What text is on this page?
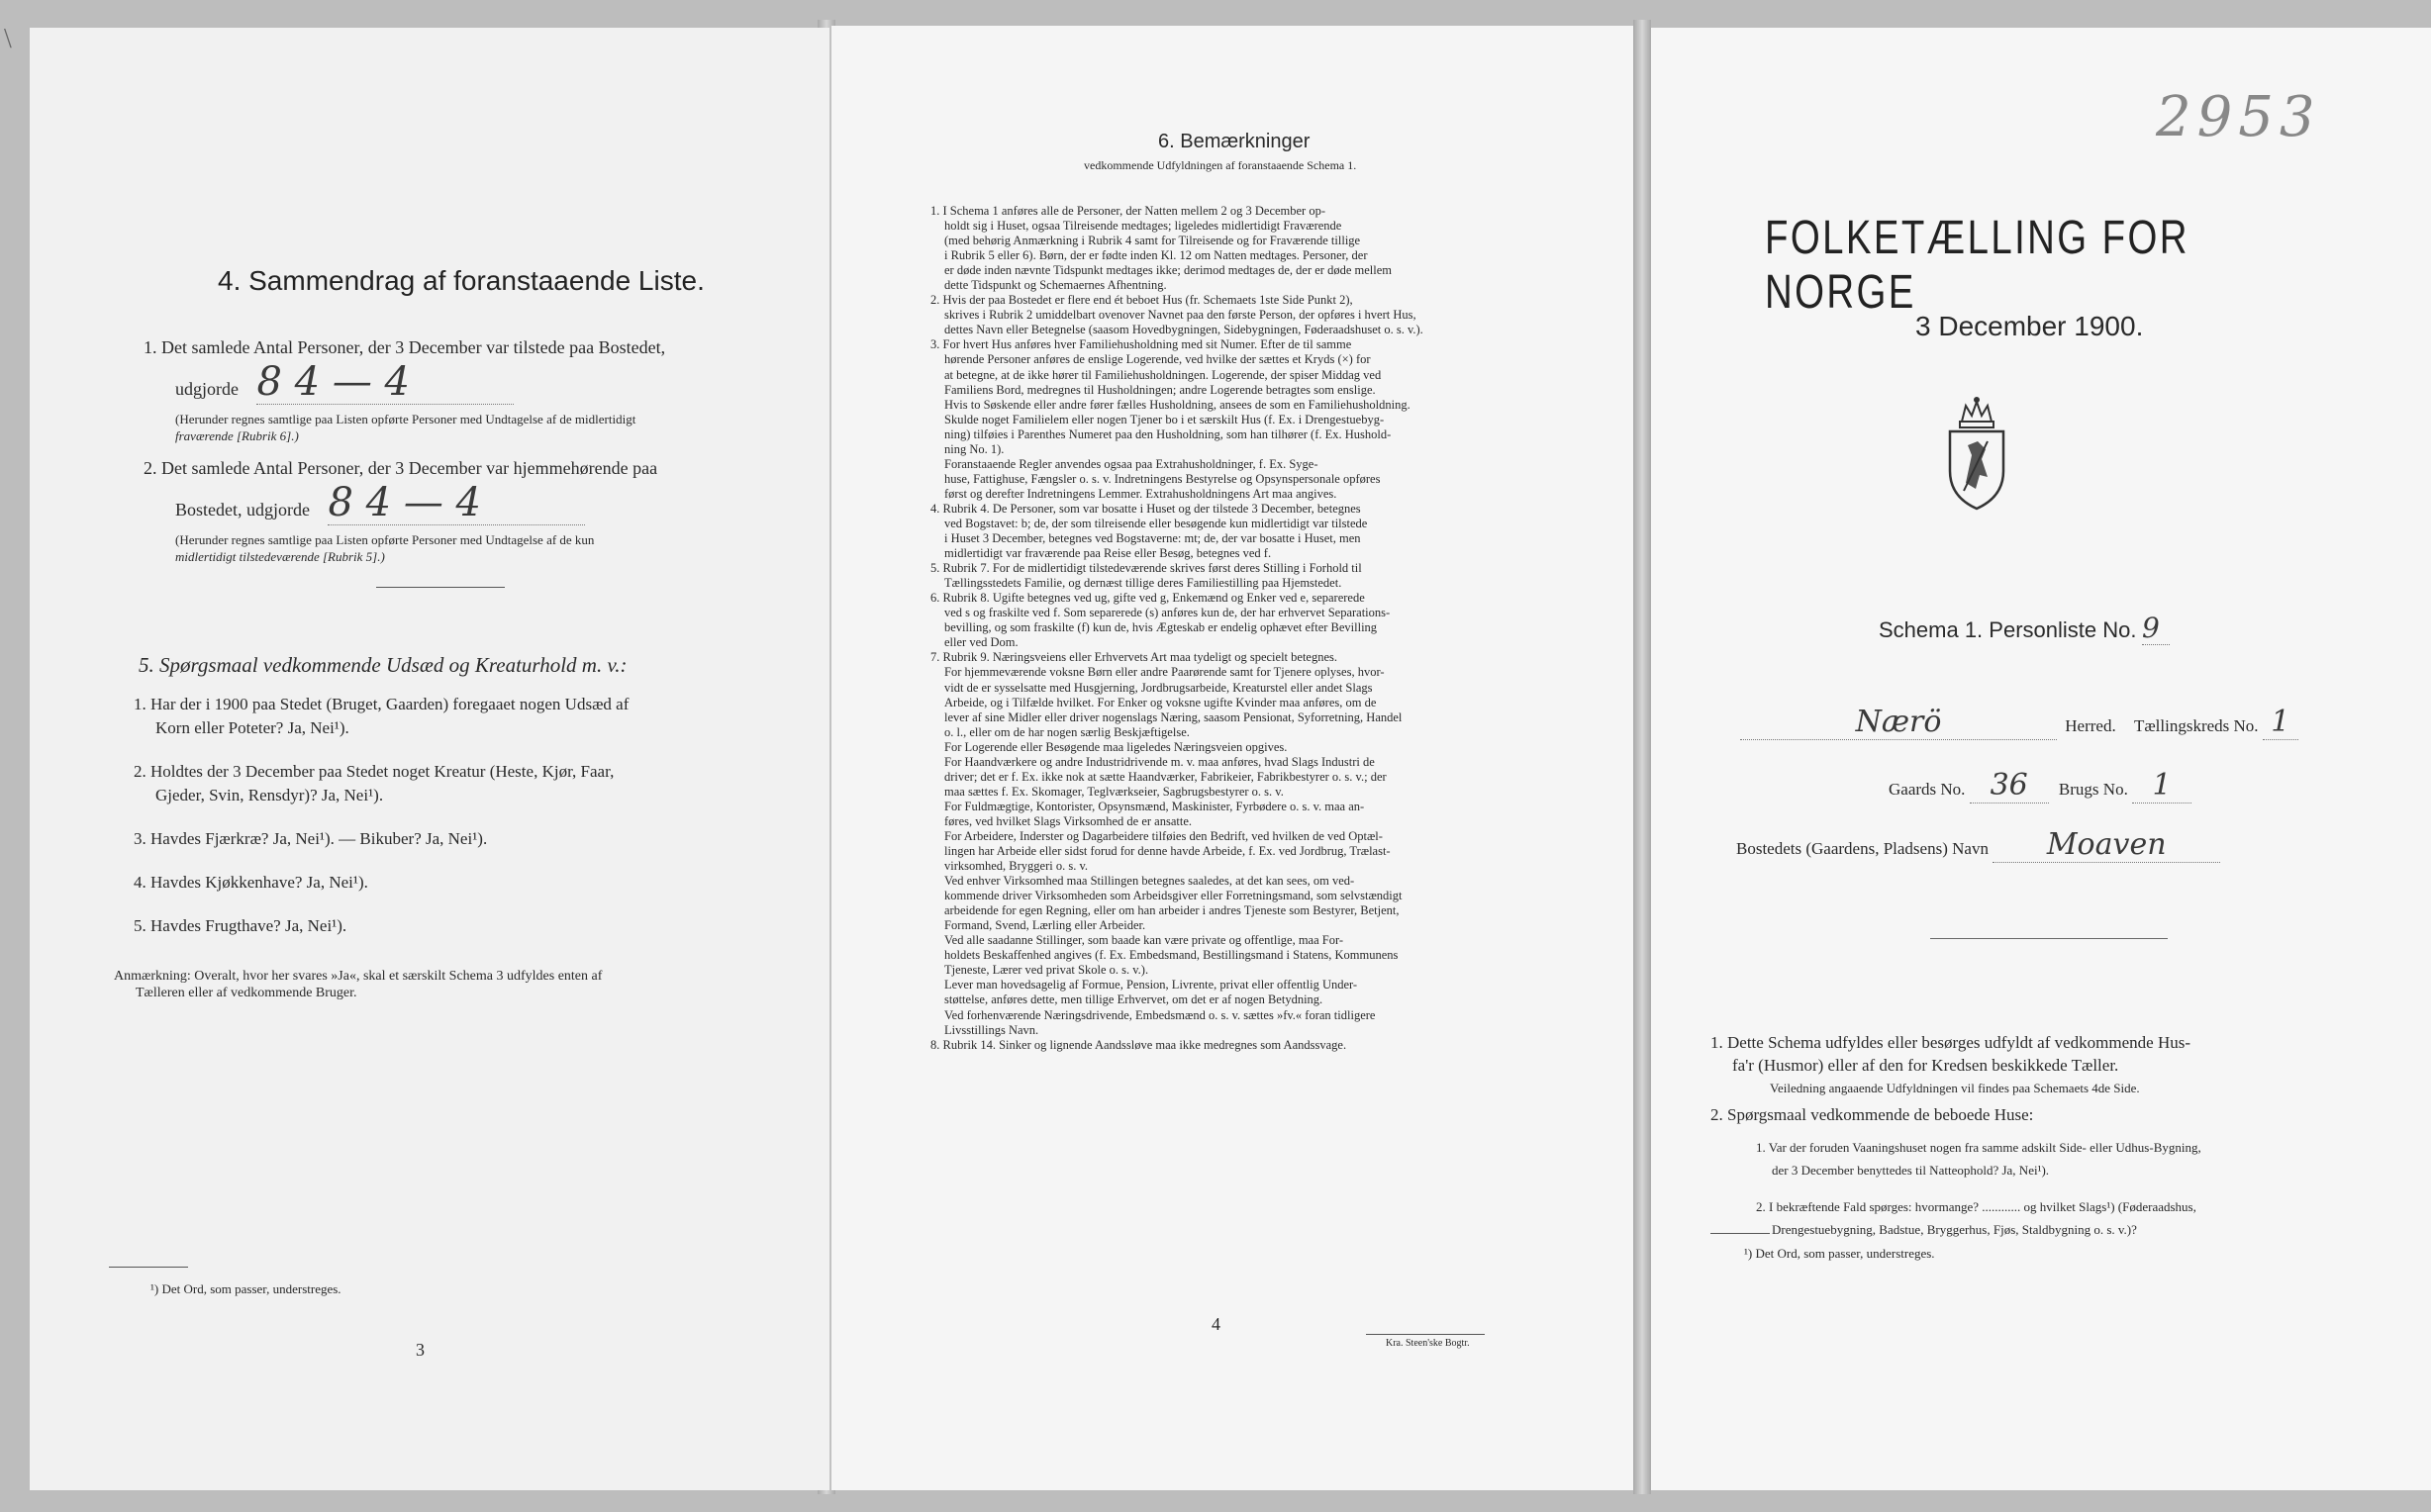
\
4. Sammendrag af foranstaaende Liste.
1. Det samlede Antal Personer, der 3 December var tilstede paa Bostedet,
udgjorde 8 4 — 4
(Herunder regnes samtlige paa Listen opførte Personer med Undtagelse af de midlertidigt
fraværende [Rubrik 6].)
2. Det samlede Antal Personer, der 3 December var hjemmehørende paa
Bostedet, udgjorde 8 4 — 4
(Herunder regnes samtlige paa Listen opførte Personer med Undtagelse af de kun
midlertidigt tilstedeværende [Rubrik 5].)
5. Spørgsmaal vedkommende Udsæd og Kreaturhold m. v.:
1. Har der i 1900 paa Stedet (Bruget, Gaarden) foregaaet nogen Udsæd af
Korn eller Poteter? Ja, Nei¹).
2. Holdtes der 3 December paa Stedet noget Kreatur (Heste, Kjør, Faar,
Gjeder, Svin, Rensdyr)? Ja, Nei¹).
3. Havdes Fjærkræ? Ja, Nei¹). — Bikuber? Ja, Nei¹).
4. Havdes Kjøkkenhave? Ja, Nei¹).
5. Havdes Frugthave? Ja, Nei¹).
Anmærkning: Overalt, hvor her svares »Ja«, skal et særskilt Schema 3 udfyldes enten af
Tælleren eller af vedkommende Bruger.
¹) Det Ord, som passer, understreges.
3
6. Bemærkninger
vedkommende Udfyldningen af foranstaaende Schema 1.
1. I Schema 1 anføres alle de Personer, der Natten mellem 2 og 3 December op-
holdt sig i Huset, ogsaa Tilreisende medtages; ligeledes midlertidigt Fraværende
(med behørig Anmærkning i Rubrik 4 samt for Tilreisende og for Fraværende tillige
i Rubrik 5 eller 6). Børn, der er fødte inden Kl. 12 om Natten medtages. Personer, der
er døde inden nævnte Tidspunkt medtages ikke; derimod medtages de, der er døde mellem
dette Tidspunkt og Schemaernes Afhentning.
2. Hvis der paa Bostedet er flere end ét beboet Hus (fr. Schemaets 1ste Side Punkt 2),
skrives i Rubrik 2 umiddelbart ovenover Navnet paa den første Person, der opføres i hvert Hus,
dettes Navn eller Betegnelse (saasom Hovedbygningen, Sidebygningen, Føderaadshuset o. s. v.).
3. For hvert Hus anføres hver Familiehusholdning med sit Numer. Efter de til samme
hørende Personer anføres de enslige Logerende, ved hvilke der sættes et Kryds (×) for
at betegne, at de ikke hører til Familiehusholdningen. Logerende, der spiser Middag ved
Familiens Bord, medregnes til Husholdningen; andre Logerende betragtes som enslige.
Hvis to Søskende eller andre fører fælles Husholdning, ansees de som en Familiehusholdning.
Skulde noget Familielem eller nogen Tjener bo i et særskilt Hus (f. Ex. i Drengestuebyg-
ning) tilføies i Parenthes Numeret paa den Husholdning, som han tilhører (f. Ex. Hushold-
ning No. 1).
Foranstaaende Regler anvendes ogsaa paa Extrahusholdninger, f. Ex. Syge-
huse, Fattighuse, Fængsler o. s. v. Indretningens Bestyrelse og Opsynspersonale opføres
først og derefter Indretningens Lemmer. Extrahusholdningens Art maa angives.
4. Rubrik 4. De Personer, som var bosatte i Huset og der tilstede 3 December, betegnes
ved Bogstavet: b; de, der som tilreisende eller besøgende kun midlertidigt var tilstede
i Huset 3 December, betegnes ved Bogstaverne: mt; de, der var bosatte i Huset, men
midlertidigt var fraværende paa Reise eller Besøg, betegnes ved f.
5. Rubrik 7. For de midlertidigt tilstedeværende skrives først deres Stilling i Forhold til
Tællingsstedets Familie, og dernæst tillige deres Familiestilling paa Hjemstedet.
6. Rubrik 8. Ugifte betegnes ved ug, gifte ved g, Enkemænd og Enker ved e, separerede
ved s og fraskilte ved f. Som separerede (s) anføres kun de, der har erhvervet Separations-
bevilling, og som fraskilte (f) kun de, hvis Ægteskab er endelig ophævet efter Bevilling
eller ved Dom.
7. Rubrik 9. Næringsveiens eller Erhvervets Art maa tydeligt og specielt betegnes.
For hjemmeværende voksne Børn eller andre Paarørende samt for Tjenere oplyses, hvor-
vidt de er sysselsatte med Husgjerning, Jordbrugsarbeide, Kreaturstel eller andet Slags
Arbeide, og i Tilfælde hvilket. For Enker og voksne ugifte Kvinder maa anføres, om de
lever af sine Midler eller driver nogenslags Næring, saasom Pensionat, Syforretning, Handel
o. l., eller om de har nogen særlig Beskjæftigelse.
For Logerende eller Besøgende maa ligeledes Næringsveien opgives.
For Haandværkere og andre Industridrivende m. v. maa anføres, hvad Slags Industri de
driver; det er f. Ex. ikke nok at sætte Haandværker, Fabrikeier, Fabrikbestyrer o. s. v.; der
maa sættes f. Ex. Skomager, Teglværkseier, Sagbrugsbestyrer o. s. v.
For Fuldmægtige, Kontorister, Opsynsmænd, Maskinister, Fyrbødere o. s. v. maa an-
føres, ved hvilket Slags Virksomhed de er ansatte.
For Arbeidere, Inderster og Dagarbeidere tilføies den Bedrift, ved hvilken de ved Optæl-
lingen har Arbeide eller sidst forud for denne havde Arbeide, f. Ex. ved Jordbrug, Trælast-
virksomhed, Bryggeri o. s. v.
Ved enhver Virksomhed maa Stillingen betegnes saaledes, at det kan sees, om ved-
kommende driver Virksomheden som Arbeidsgiver eller Forretningsmand, som selvstændigt
arbeidende for egen Regning, eller om han arbeider i andres Tjeneste som Bestyrer, Betjent,
Formand, Svend, Lærling eller Arbeider.
Ved alle saadanne Stillinger, som baade kan være private og offentlige, maa For-
holdets Beskaffenhed angives (f. Ex. Embedsmand, Bestillingsmand i Statens, Kommunens
Tjeneste, Lærer ved privat Skole o. s. v.).
Lever man hovedsagelig af Formue, Pension, Livrente, privat eller offentlig Under-
støttelse, anføres dette, men tillige Erhvervet, om det er af nogen Betydning.
Ved forhenværende Næringsdrivende, Embedsmænd o. s. v. sættes »fv.« foran tidligere
Livsstillings Navn.
8. Rubrik 14. Sinker og lignende Aandssløve maa ikke medregnes som Aandssvage.
4
Kra. Steen'ske Bogtr.
2953
FOLKETÆLLING FOR NORGE
3 December 1900.
Schema 1. Personliste No. 9
Nærö	Herred. Tællingskreds No. 1
Gaards No. 36 Brugs No. 1
Bostedets (Gaardens, Pladsens) Navn Moaven
1. Dette Schema udfyldes eller besørges udfyldt af vedkommende Hus-
fa'r (Husmor) eller af den for Kredsen beskikkede Tæller.
Veiledning angaaende Udfyldningen vil findes paa Schemaets 4de Side.
2. Spørgsmaal vedkommende de beboede Huse:
1. Var der foruden Vaaningshuset nogen fra samme adskilt Side- eller Udhus-Bygning,
der 3 December benyttedes til Natteophold? Ja, Nei¹).
2. I bekræftende Fald spørges: hvormange? ............ og hvilket Slags¹) (Føderaadshus,
Drengestuebygning, Badstue, Bryggerhus, Fjøs, Staldbygning o. s. v.)?
¹) Det Ord, som passer, understreges.
